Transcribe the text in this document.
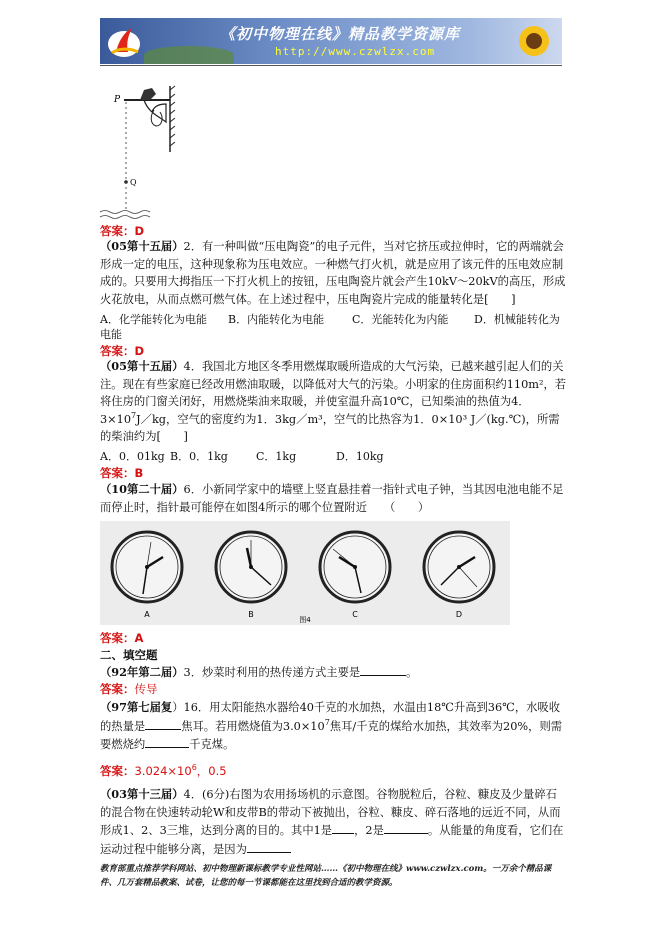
《初中物理在线》精品教学资源库
http://www.czwlzx.com
P
Q
答案：D
（05第十五届）2．有一种叫做“压电陶瓷”的电子元件，当对它挤压或拉伸时，它的两端就会形成一定的电压，这种现象称为压电效应。一种燃气打火机，就是应用了该元件的压电效应制成的。只要用大拇指压一下打火机上的按钮，压电陶瓷片就会产生10kV～20kV的高压，形成火花放电，从而点燃可燃气体。在上述过程中，压电陶瓷片完成的能量转化是[　　]
A．化学能转化为电能 B．内能转化为电能	C．光能转化为内能 D．机械能转化为
电能
答案：D
（05第十五届）4．我国北方地区冬季用燃煤取暖所造成的大气污染，已越来越引起人们的关注。现在有些家庭已经改用燃油取暖，以降低对大气的污染。小明家的住房面积约110m²，若将住房的门窗关闭好，用燃烧柴油来取暖，并使室温升高10℃，已知柴油的热值为4．$3\times 10^7J/kg$，空气的密度约为1．3kg／m³，空气的比热容为1．0×10³ J／(kg.℃)，所需的柴油约为[　　]
A．0．01kg B．0．1kg	C．1kg	D．10kg
答案：B
（10第二十届）6．小新同学家中的墙壁上竖直悬挂着一指针式电子钟，当其因电池电能不足而停止时，指针最可能停在如图4所示的哪个位置附近　　（　　）
A	B	C	D
图4
答案：A
二、填空题
（92年第二届）3．炒菜时利用的热传递方式主要是	。
答案：传导
（97第七届复）16．用太阳能热水器给40千克的水加热，水温由18℃升高到36℃，水吸收的热量是	焦耳。若用燃烧值为$3.0\times 10^7$焦耳/千克的煤给水加热，其效率为20%，则需要燃烧约	千克煤。
答案：$3.024\times 10^6$，0.5
（03第十三届）4．(6分)右图为农用扬场机的示意图。谷物脱粒后，谷粒、糠皮及少量碎石的混合物在快速转动轮W和皮带B的带动下被抛出，谷粒、糠皮、碎石落地的远近不同，从而形成1、2、3三堆，达到分离的目的。其中1是 ，2是	。从能量的角度看，它们在运动过程中能够分离，是因为
教育部重点推荐学科网站、初中物理新课标教学专业性网站……《初中物理在线》www.czwlzx.com。一万余个精品课件、几万套精品教案、试卷，让您的每一节课都能在这里找到合适的教学资源。
